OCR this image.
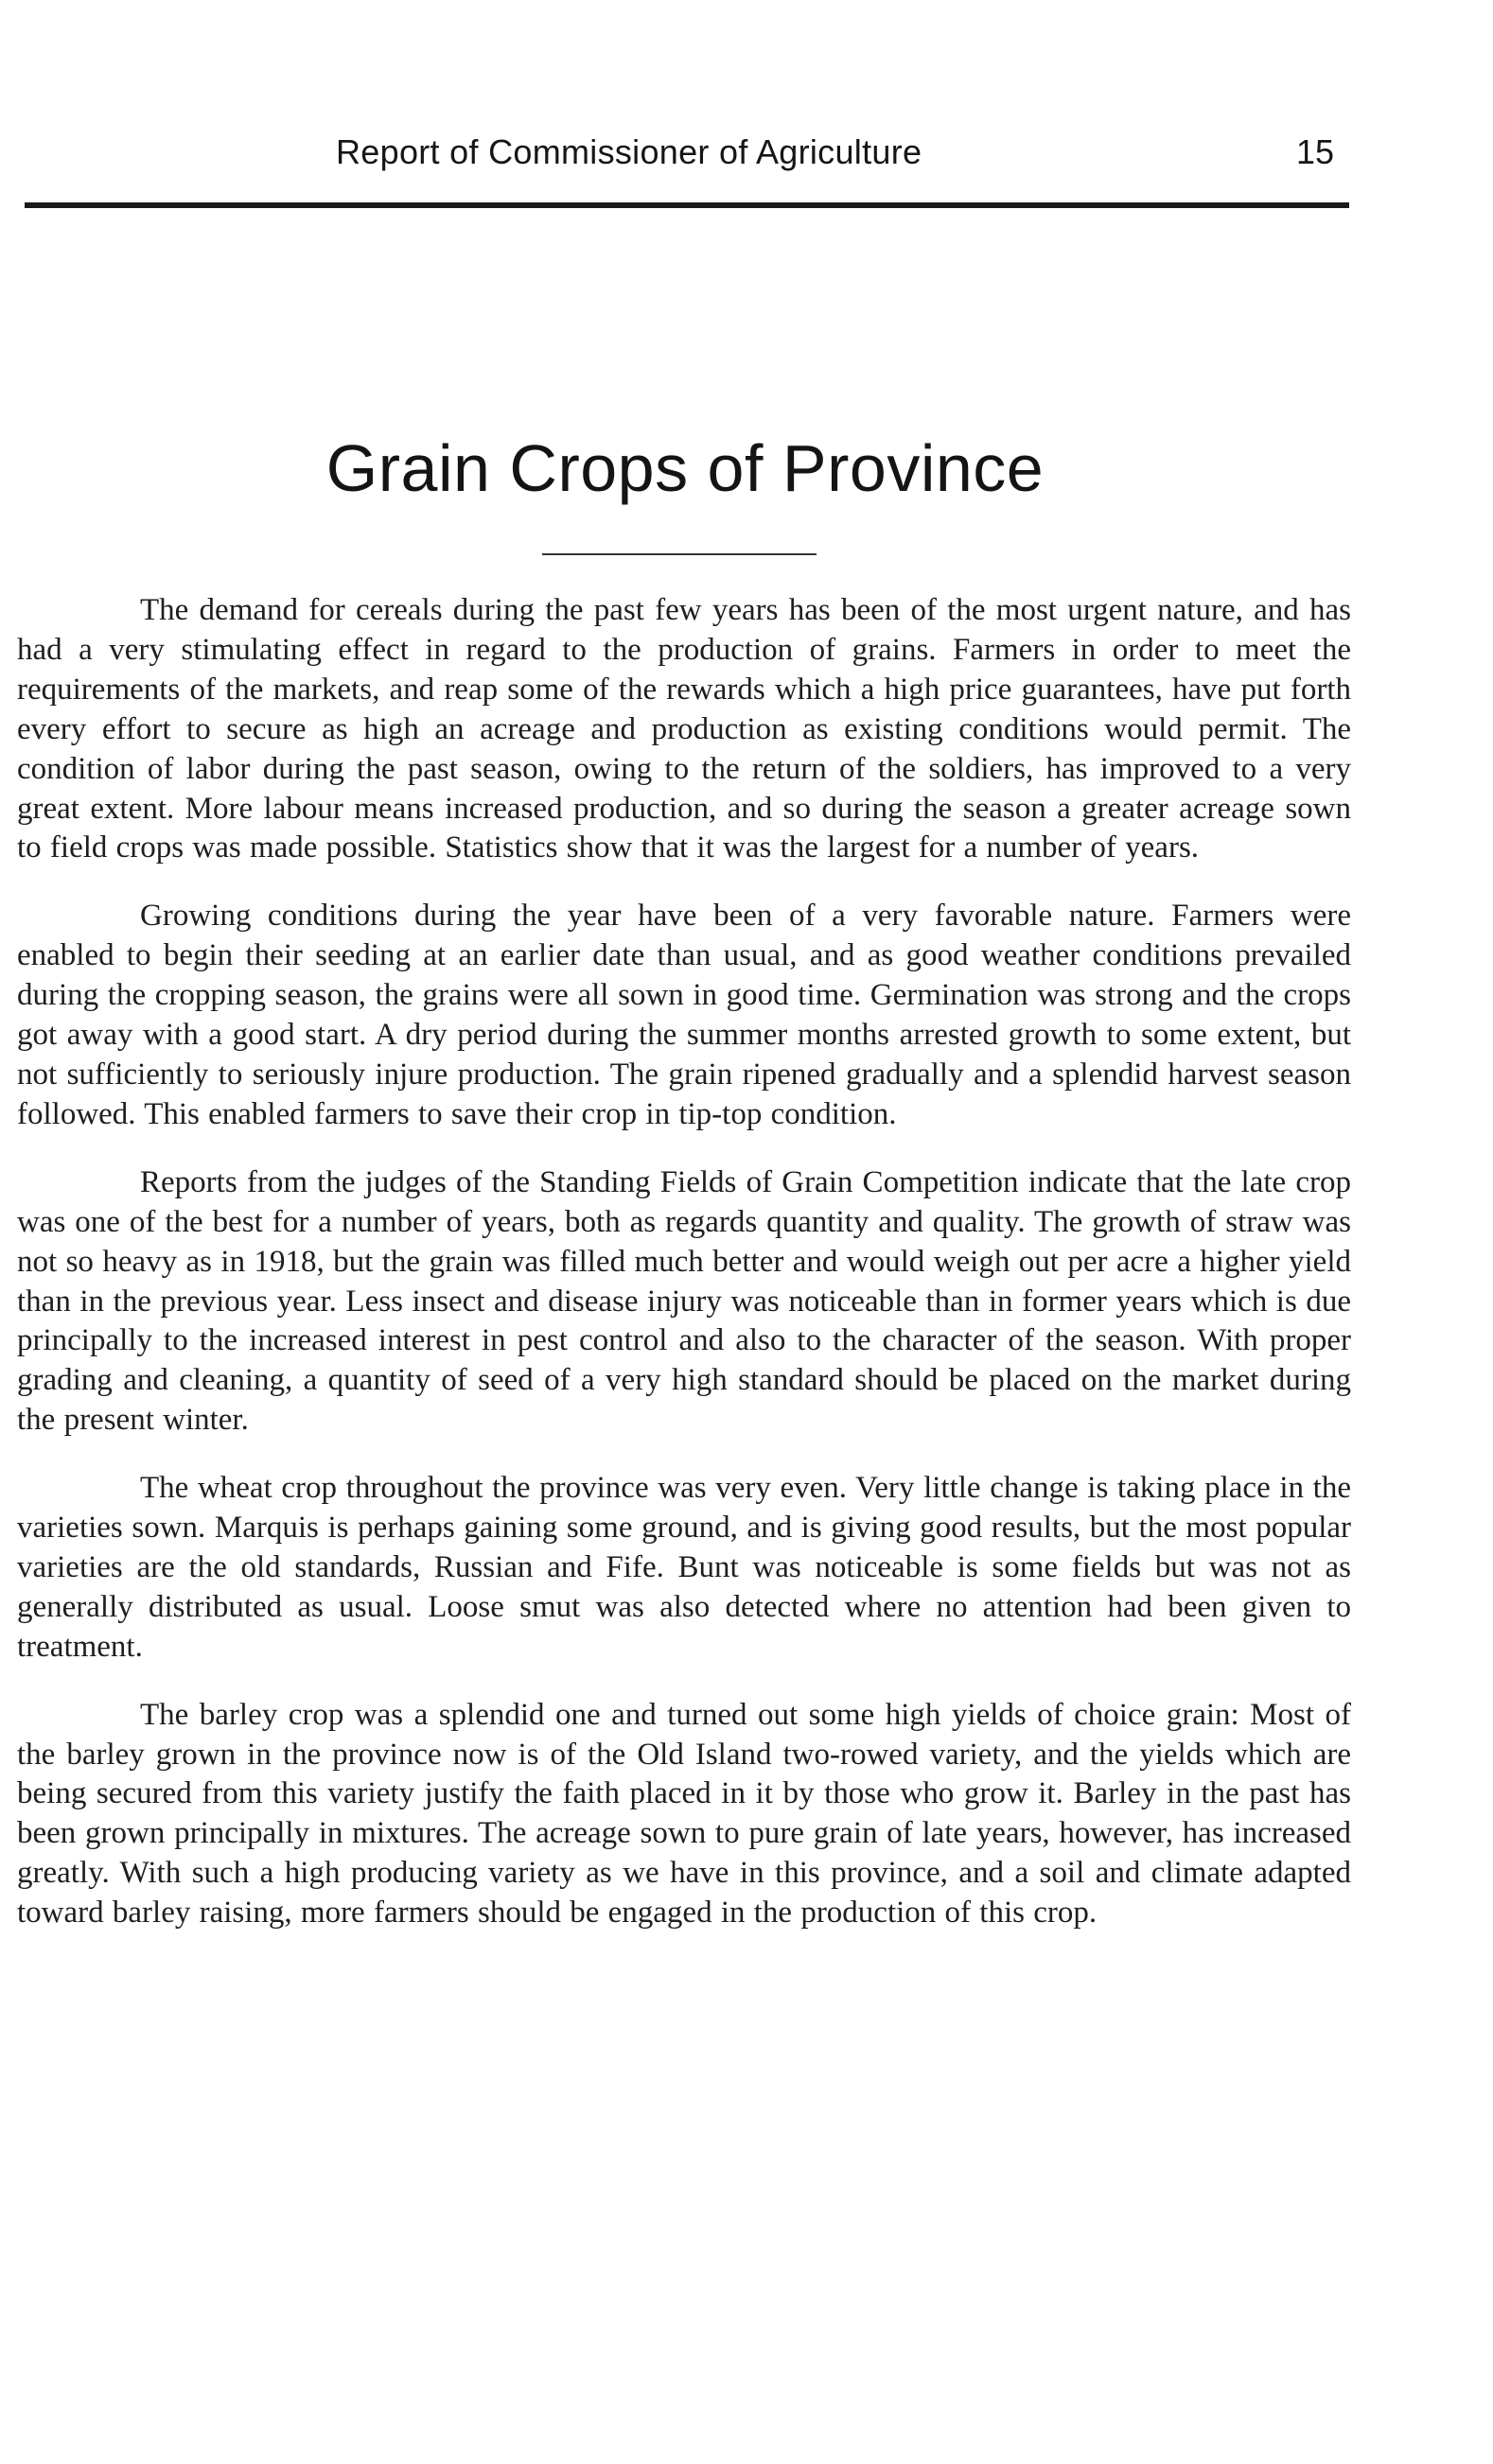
Report of Commissioner of Agriculture	15
Grain Crops of Province

The demand for cereals during the past few years has been of the most urgent nature, and has had a very stimulating effect in regard to the production of grains. Farmers in order to meet the requirements of the markets, and reap some of the rewards which a high price guarantees, have put forth every effort to secure as high an acreage and production as existing conditions would permit. The condition of labor during the past season, owing to the return of the soldiers, has improved to a very great extent. More labour means increased production, and so during the season a greater acreage sown to field crops was made possible. Statistics show that it was the largest for a number of years.

Growing conditions during the year have been of a very favorable nature. Farmers were enabled to begin their seeding at an earlier date than usual, and as good weather conditions prevailed during the cropping season, the grains were all sown in good time. Germination was strong and the crops got away with a good start. A dry period during the summer months arrested growth to some extent, but not sufficiently to seriously injure production. The grain ripened gradually and a splendid harvest season followed. This enabled farmers to save their crop in tip-top condition.

Reports from the judges of the Standing Fields of Grain Competition indicate that the late crop was one of the best for a number of years, both as regards quantity and quality. The growth of straw was not so heavy as in 1918, but the grain was filled much better and would weigh out per acre a higher yield than in the previous year. Less insect and disease injury was noticeable than in former years which is due principally to the increased interest in pest control and also to the character of the season. With proper grading and cleaning, a quantity of seed of a very high standard should be placed on the market during the present winter.

The wheat crop throughout the province was very even. Very little change is taking place in the varieties sown. Marquis is perhaps gaining some ground, and is giving good results, but the most popular varieties are the old standards, Russian and Fife. Bunt was noticeable is some fields but was not as generally distributed as usual. Loose smut was also detected where no attention had been given to treatment.

The barley crop was a splendid one and turned out some high yields of choice grain: Most of the barley grown in the province now is of the Old Island two-rowed variety, and the yields which are being secured from this variety justify the faith placed in it by those who grow it. Barley in the past has been grown principally in mixtures. The acreage sown to pure grain of late years, however, has increased greatly. With such a high producing variety as we have in this province, and a soil and climate adapted toward barley raising, more farmers should be engaged in the production of this crop.
